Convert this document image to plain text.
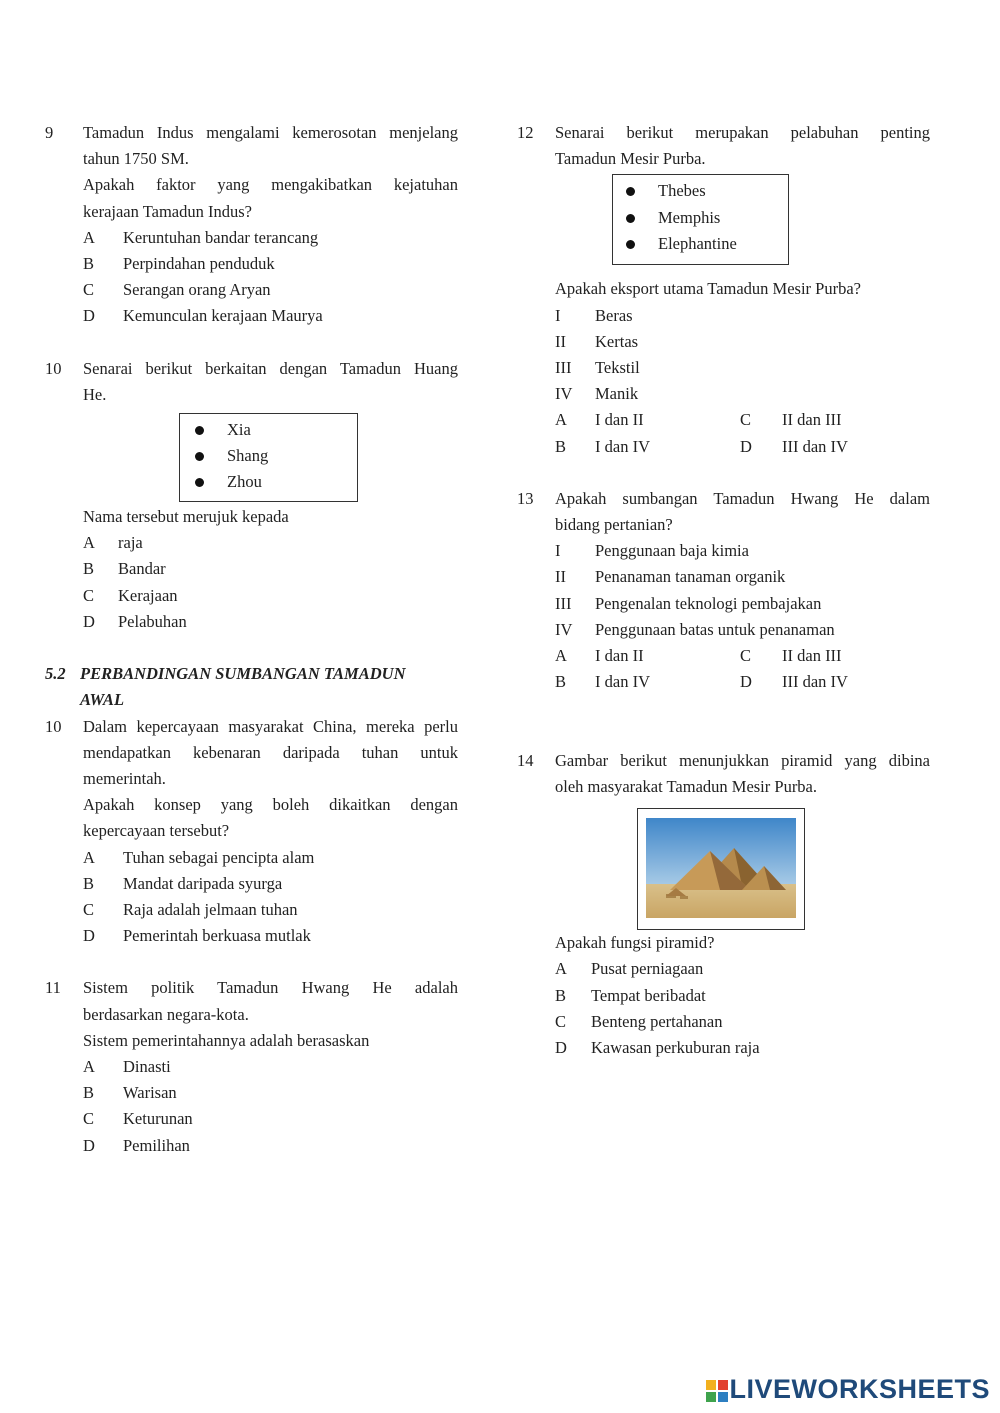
9 Tamadun Indus mengalami kemerosotan menjelang
tahun 1750 SM.
Apakah faktor yang mengakibatkan kejatuhan
kerajaan Tamadun Indus?
A Keruntuhan bandar terancang
B Perpindahan penduduk
C Serangan orang Aryan
D Kemunculan kerajaan Maurya
10 Senarai berikut berkaitan dengan Tamadun Huang
He.
Xia
Shang
Zhou
Nama tersebut merujuk kepada
A raja
B Bandar
C Kerajaan
D Pelabuhan
5.2 PERBANDINGAN SUMBANGAN TAMADUN
AWAL
10 Dalam kepercayaan masyarakat China, mereka perlu
mendapatkan kebenaran daripada tuhan untuk
memerintah.
Apakah konsep yang boleh dikaitkan dengan
kepercayaan tersebut?
A Tuhan sebagai pencipta alam
B Mandat daripada syurga
C Raja adalah jelmaan tuhan
D Pemerintah berkuasa mutlak
11 Sistem politik Tamadun Hwang He adalah
berdasarkan negara-kota.
Sistem pemerintahannya adalah berasaskan
A Dinasti
B Warisan
C Keturunan
D Pemilihan
12 Senarai berikut merupakan pelabuhan penting
Tamadun Mesir Purba.
Thebes
Memphis
Elephantine
Apakah eksport utama Tamadun Mesir Purba?
I Beras
II Kertas
III Tekstil
IV Manik
A I dan II	C II dan III
B I dan IV	D III dan IV
13 Apakah sumbangan Tamadun Hwang He dalam
bidang pertanian?
I Penggunaan baja kimia
II Penanaman tanaman organik
III Pengenalan teknologi pembajakan
IV Penggunaan batas untuk penanaman
A I dan II	C II dan III
B I dan IV	D III dan IV
14 Gambar berikut menunjukkan piramid yang dibina
oleh masyarakat Tamadun Mesir Purba.
Apakah fungsi piramid?
A Pusat perniagaan
B Tempat beribadat
C Benteng pertahanan
D Kawasan perkuburan raja
LIVEWORKSHEETS
